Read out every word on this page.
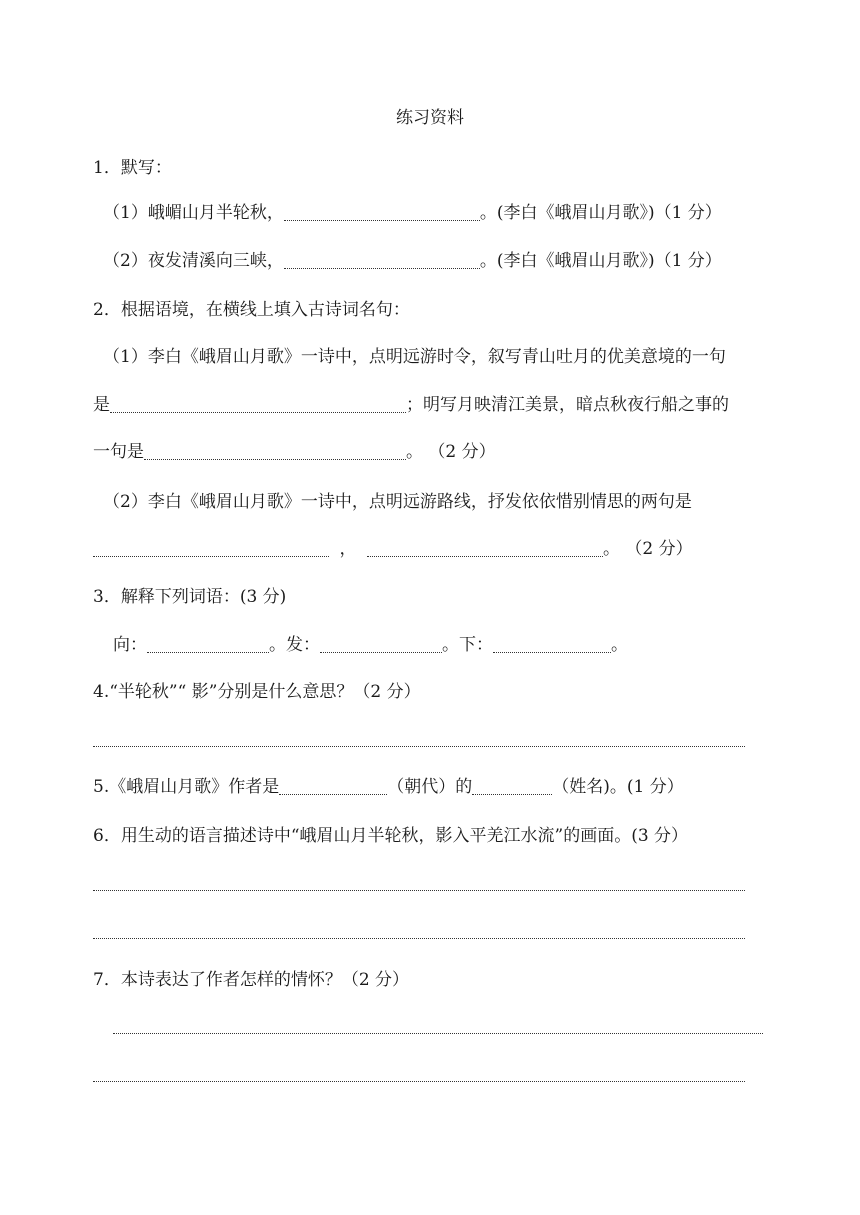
练习资料
1．默写：
（1）峨嵋山月半轮秋，	。(李白《峨眉山月歌》)（1 分）
（2）夜发清溪向三峡，	。(李白《峨眉山月歌》)（1 分）
2．根据语境，在横线上填入古诗词名句：
（1）李白《峨眉山月歌》一诗中，点明远游时令，叙写青山吐月的优美意境的一句
是	；明写月映清江美景，暗点秋夜行船之事的
一句是	。 （2 分）
（2）李白《峨眉山月歌》一诗中，点明远游路线，抒发依依惜别情思的两句是
，	。 （2 分）
3．解释下列词语：(3 分)
向：	。发：	。下：	。
4.“半轮秋”“ 影”分别是什么意思？（2 分）
5.《峨眉山月歌》作者是	（朝代）的	（姓名)。(1 分）
6．用生动的语言描述诗中“峨眉山月半轮秋，影入平羌江水流”的画面。(3 分）
7．本诗表达了作者怎样的情怀？（2 分）
